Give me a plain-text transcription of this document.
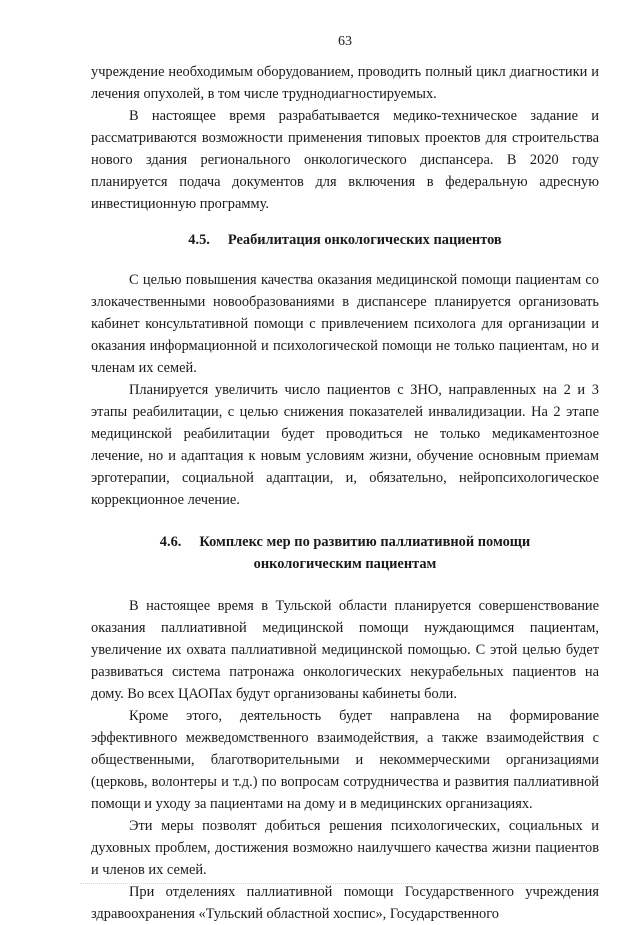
63

учреждение необходимым оборудованием, проводить полный цикл диагностики и лечения опухолей, в том числе труднодиагностируемых.

В настоящее время разрабатывается медико-техническое задание и рассматриваются возможности применения типовых проектов для строительства нового здания регионального онкологического диспансера. В 2020 году планируется подача документов для включения в федеральную адресную инвестиционную программу.

4.5. Реабилитация онкологических пациентов

С целью повышения качества оказания медицинской помощи пациентам со злокачественными новообразованиями в диспансере планируется организовать кабинет консультативной помощи с привлечением психолога для организации и оказания информационной и психологической помощи не только пациентам, но и членам их семей.

Планируется увеличить число пациентов с ЗНО, направленных на 2 и 3 этапы реабилитации, с целью снижения показателей инвалидизации. На 2 этапе медицинской реабилитации будет проводиться не только медикаментозное лечение, но и адаптация к новым условиям жизни, обучение основным приемам эрготерапии, социальной адаптации, и, обязательно, нейропсихологическое коррекционное лечение.

4.6. Комплекс мер по развитию паллиативной помощи
онкологическим пациентам

В настоящее время в Тульской области планируется совершенствование оказания паллиативной медицинской помощи нуждающимся пациентам, увеличение их охвата паллиативной медицинской помощью. С этой целью будет развиваться система патронажа онкологических некурабельных пациентов на дому. Во всех ЦАОПах будут организованы кабинеты боли.

Кроме этого, деятельность будет направлена на формирование эффективного межведомственного взаимодействия, а также взаимодействия с общественными, благотворительными и некоммерческими организациями (церковь, волонтеры и т.д.) по вопросам сотрудничества и развития паллиативной помощи и уходу за пациентами на дому и в медицинских организациях.

Эти меры позволят добиться решения психологических, социальных и духовных проблем, достижения возможно наилучшего качества жизни пациентов и членов их семей.

При отделениях паллиативной помощи Государственного учреждения здравоохранения «Тульский областной хоспис», Государственного
